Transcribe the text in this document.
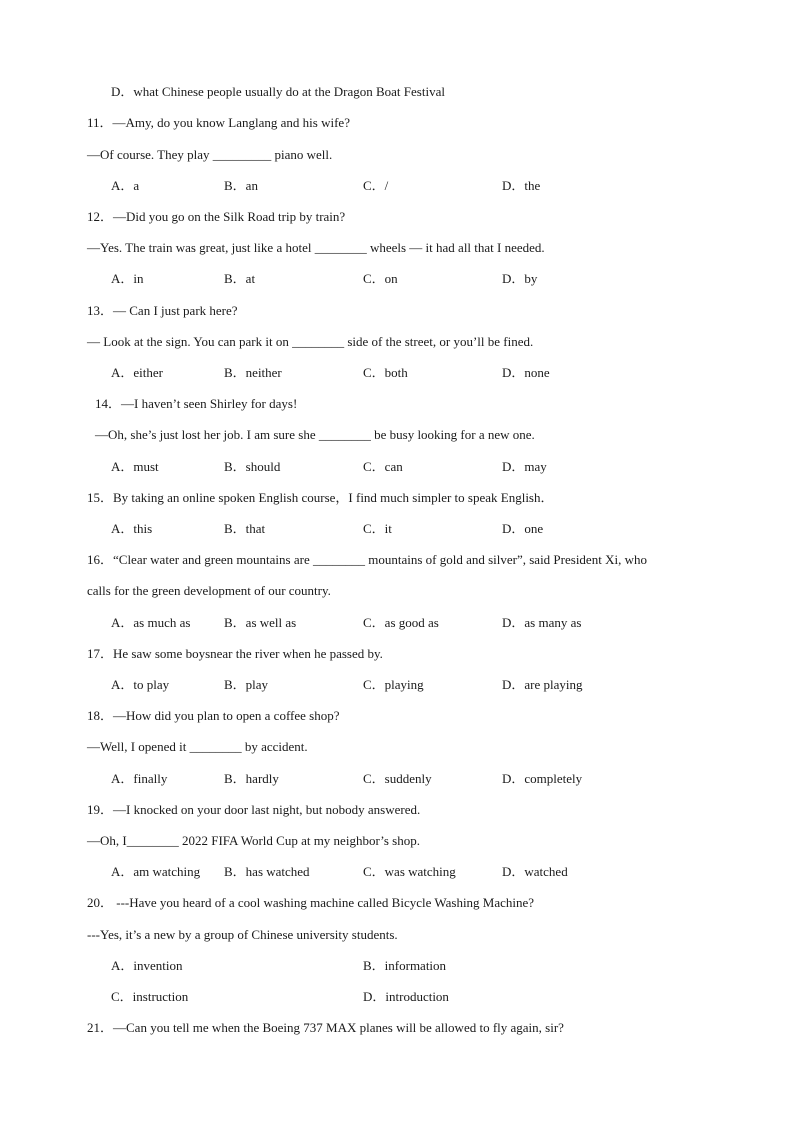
D．what Chinese people usually do at the Dragon Boat Festival
11．—Amy, do you know Langlang and his wife?
—Of course. They play _________ piano well.
A．a	B．an	C．/	D．the
12．—Did you go on the Silk Road trip by train?
—Yes. The train was great, just like a hotel ________ wheels — it had all that I needed.
A．in	B．at	C．on	D．by
13．— Can I just park here?
— Look at the sign. You can park it on ________ side of the street, or you’ll be fined.
A．either	B．neither	C．both	D．none
14．—I haven’t seen Shirley for days!
—Oh, she’s just lost her job. I am sure she ________ be busy looking for a new one.
A．must	B．should	C．can	D．may
15．By taking an online spoken English course，I find much simpler to speak English．
A．this	B．that	C．it	D．one
16．“Clear water and green mountains are ________ mountains of gold and silver”, said President Xi, who
calls for the green development of our country.
A．as much as	B．as well as	C．as good as	D．as many as
17．He saw some boysnear the river when he passed by.
A．to play	B．play	C．playing	D．are playing
18．—How did you plan to open a coffee shop?
—Well, I opened it ________ by accident.
A．finally	B．hardly	C．suddenly	D．completely
19．—I knocked on your door last night, but nobody answered.
—Oh, I________ 2022 FIFA World Cup at my neighbor’s shop.
A．am watching B．has watched	C．was watching	D．watched
20． ---Have you heard of a cool washing machine called Bicycle Washing Machine?
---Yes, it’s a new by a group of Chinese university students.
A．invention	B．information
C．instruction	D．introduction
21．—Can you tell me when the Boeing 737 MAX planes will be allowed to fly again, sir?
